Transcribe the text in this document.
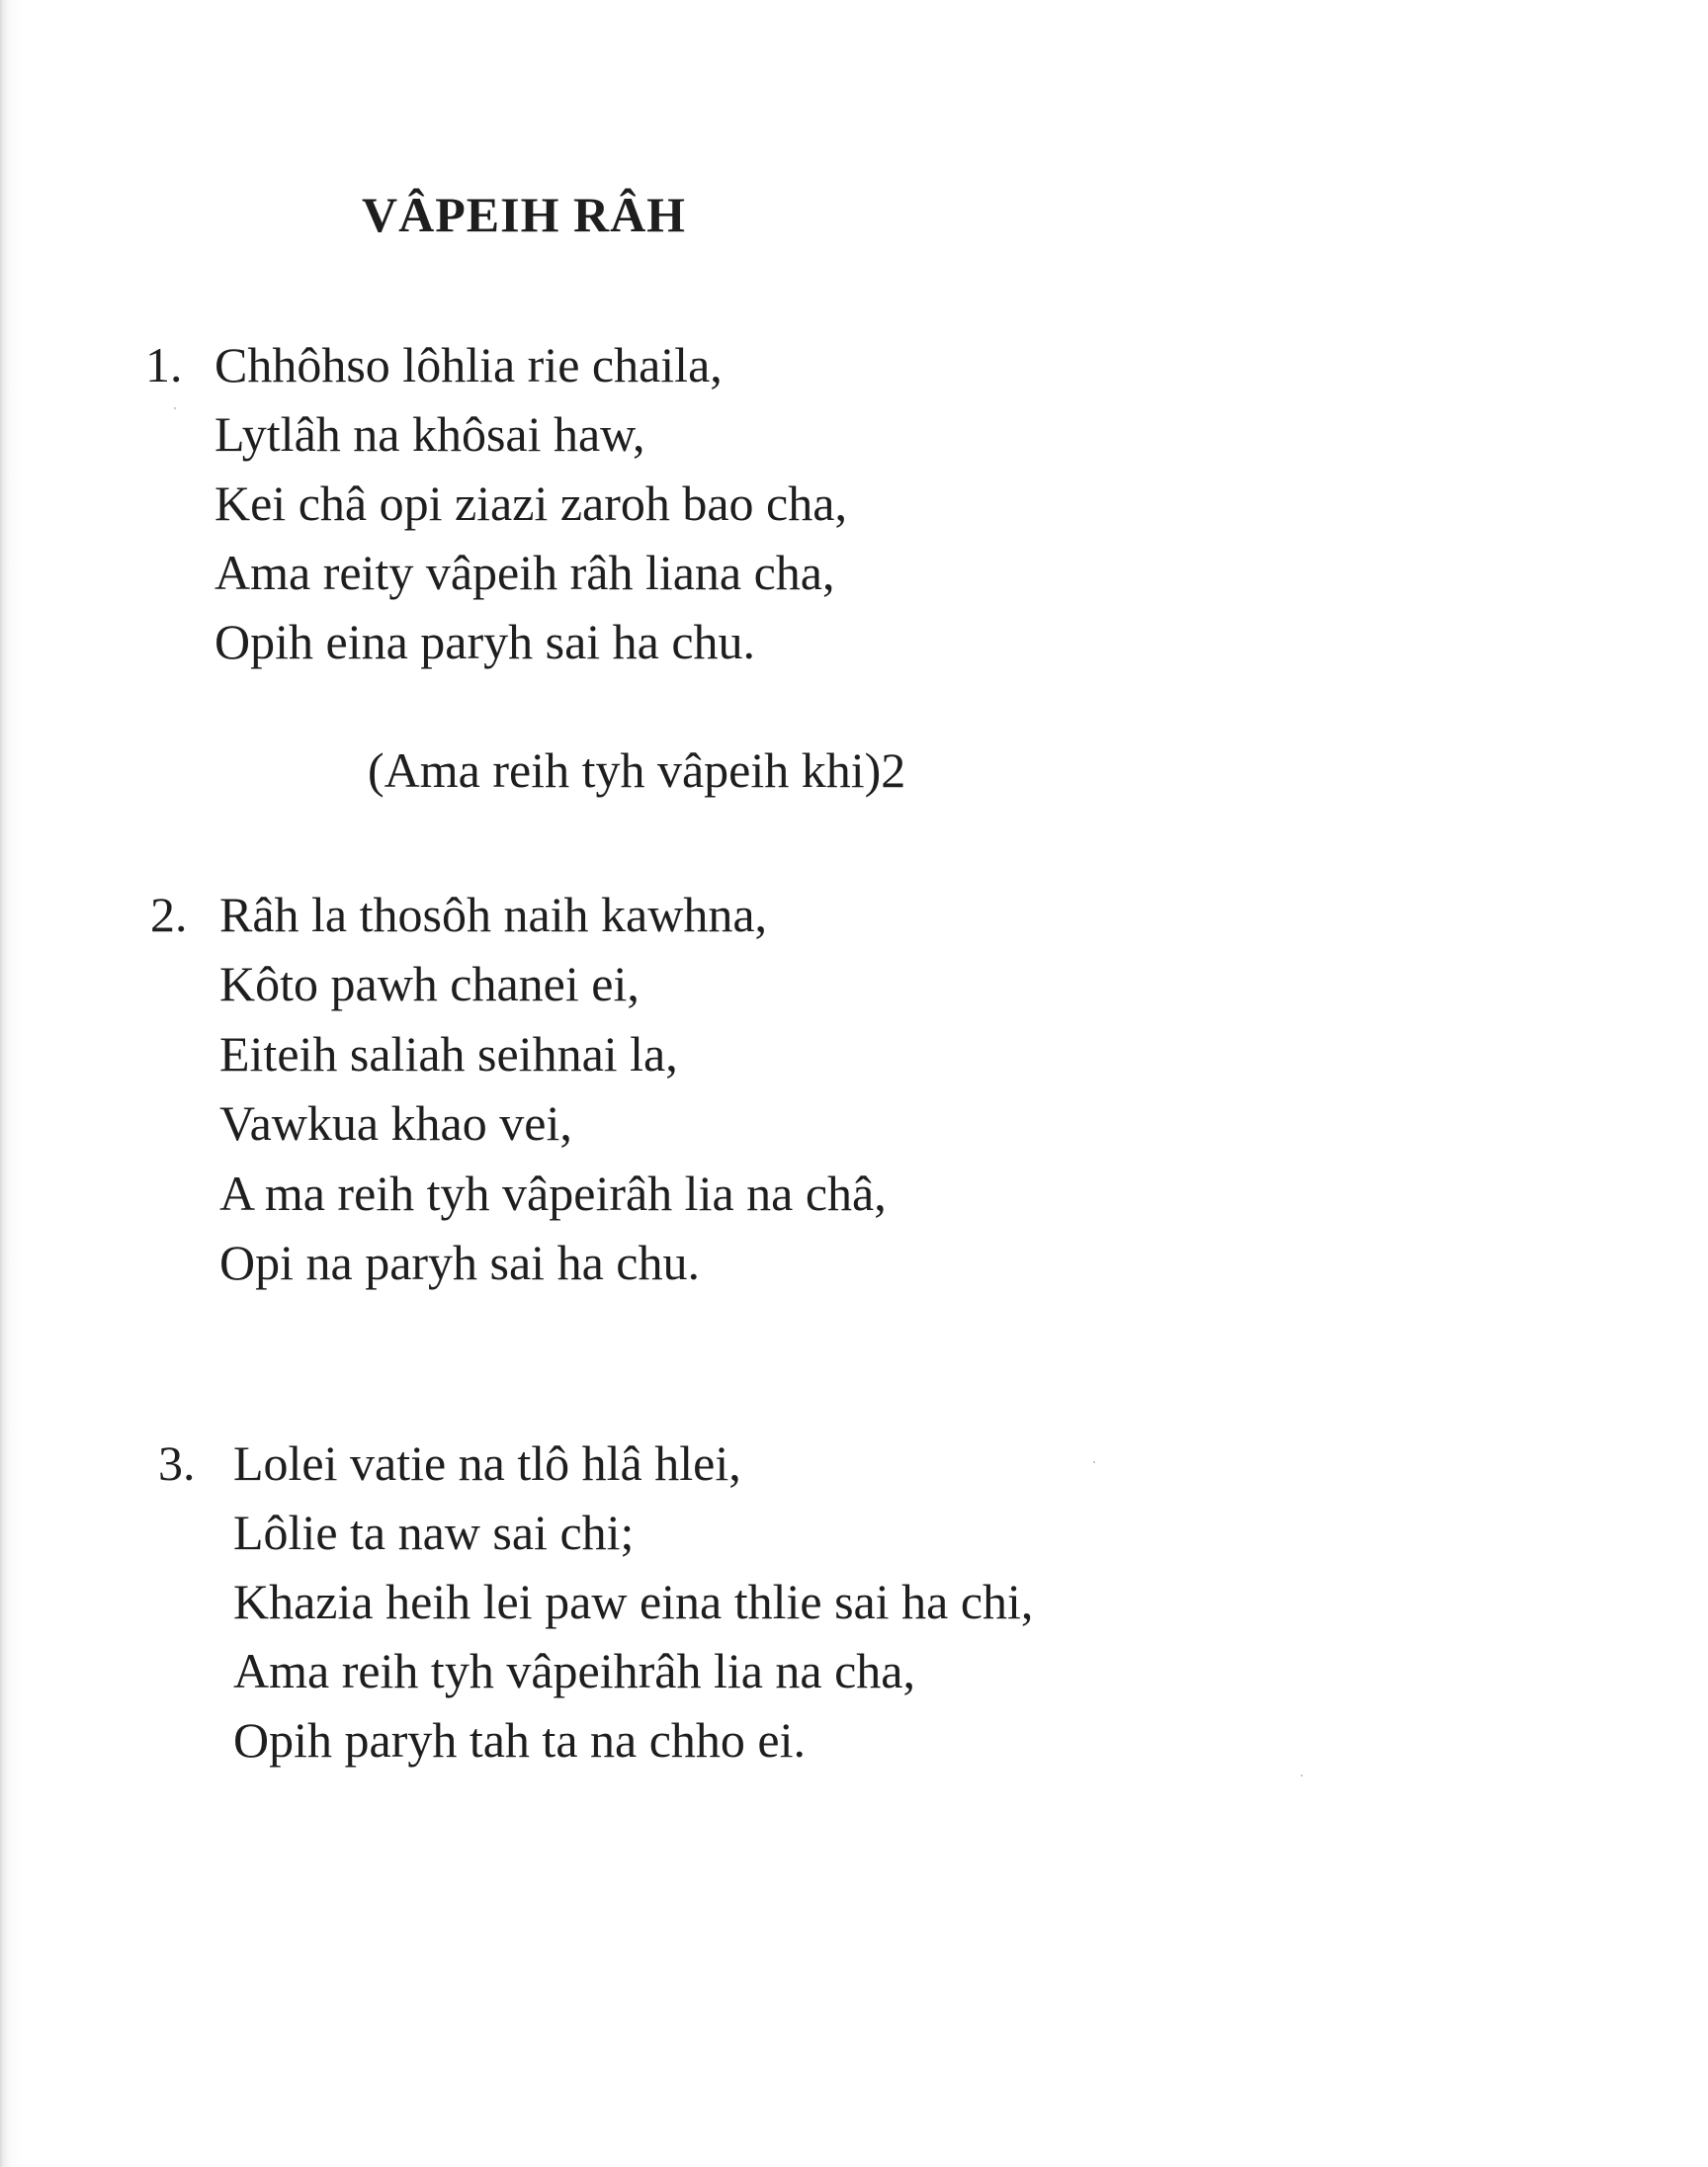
VÂPEIH RÂH
1. Chhôhso lôhlia rie chaila,
Lytlâh na khôsai haw,
Kei châ opi ziazi zaroh bao cha,
Ama reity vâpeih râh liana cha,
Opih eina paryh sai ha chu.

(Ama reih tyh vâpeih khi)2

2. Râh la thosôh naih kawhna,
Kôto pawh chanei ei,
Eiteih saliah seihnai la,
Vawkua khao vei,
A ma reih tyh vâpeirâh lia na châ,
Opi na paryh sai ha chu.
3. Lolei vatie na tlô hlâ hlei,
Lôlie ta naw sai chi;
Khazia heih lei paw eina thlie sai ha chi,
Ama reih tyh vâpeihrâh lia na cha,
Opih paryh tah ta na chho ei.
